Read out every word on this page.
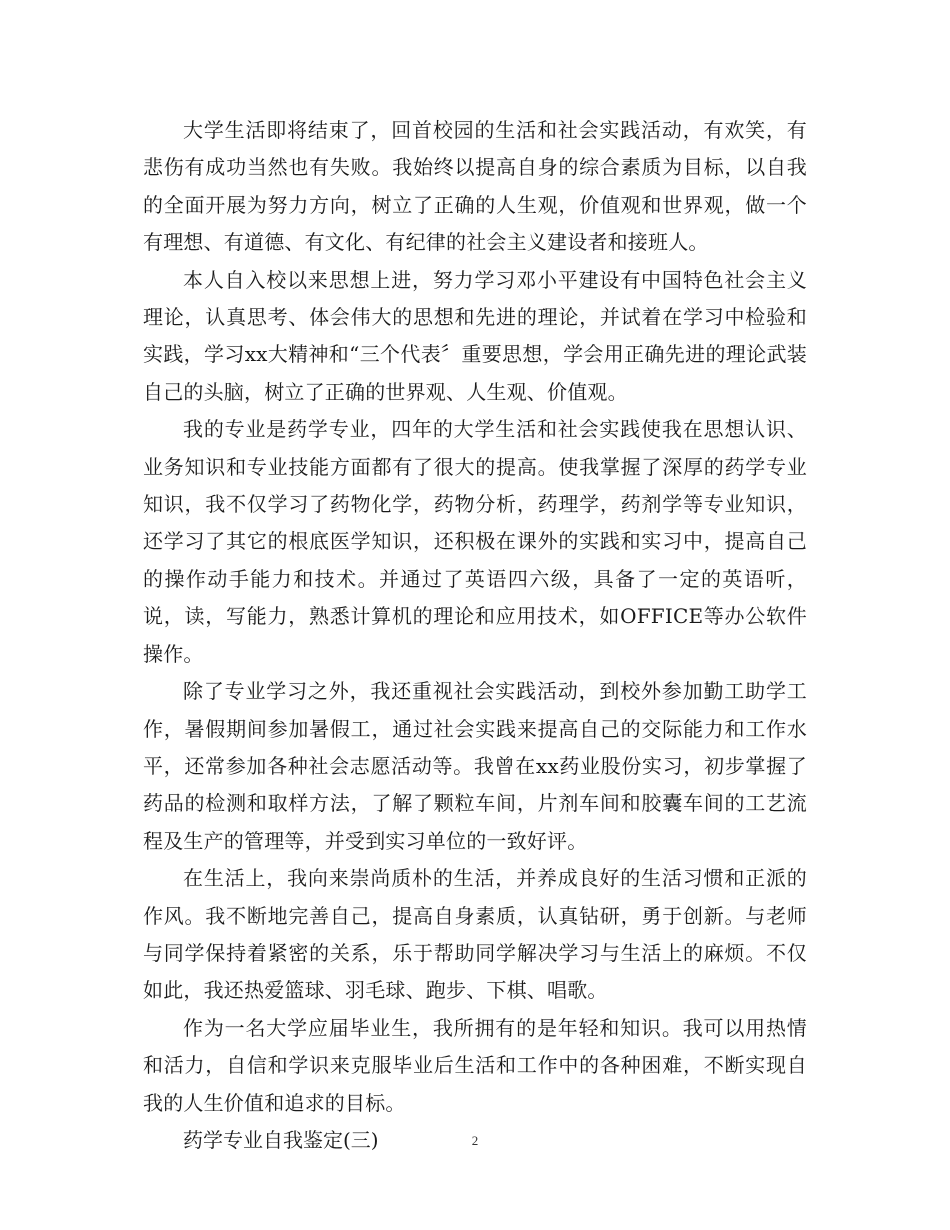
大学生活即将结束了，回首校园的生活和社会实践活动，有欢笑，有悲伤有成功当然也有失败。我始终以提高自身的综合素质为目标，以自我的全面开展为努力方向，树立了正确的人生观，价值观和世界观，做一个有理想、有道德、有文化、有纪律的社会主义建设者和接班人。

本人自入校以来思想上进，努力学习邓小平建设有中国特色社会主义理论，认真思考、体会伟大的思想和先进的理论，并试着在学习中检验和实践，学习xx大精神和“三个代表〞重要思想，学会用正确先进的理论武装自己的头脑，树立了正确的世界观、人生观、价值观。

我的专业是药学专业，四年的大学生活和社会实践使我在思想认识、业务知识和专业技能方面都有了很大的提高。使我掌握了深厚的药学专业知识，我不仅学习了药物化学，药物分析，药理学，药剂学等专业知识，还学习了其它的根底医学知识，还积极在课外的实践和实习中，提高自己的操作动手能力和技术。并通过了英语四六级，具备了一定的英语听，说，读，写能力，熟悉计算机的理论和应用技术，如OFFICE等办公软件操作。

除了专业学习之外，我还重视社会实践活动，到校外参加勤工助学工作，暑假期间参加暑假工，通过社会实践来提高自己的交际能力和工作水平，还常参加各种社会志愿活动等。我曾在xx药业股份实习，初步掌握了药品的检测和取样方法，了解了颗粒车间，片剂车间和胶囊车间的工艺流程及生产的管理等，并受到实习单位的一致好评。

在生活上，我向来崇尚质朴的生活，并养成良好的生活习惯和正派的作风。我不断地完善自己，提高自身素质，认真钻研，勇于创新。与老师与同学保持着紧密的关系，乐于帮助同学解决学习与生活上的麻烦。不仅如此，我还热爱篮球、羽毛球、跑步、下棋、唱歌。

作为一名大学应届毕业生，我所拥有的是年轻和知识。我可以用热情和活力，自信和学识来克服毕业后生活和工作中的各种困难，不断实现自我的人生价值和追求的目标。

药学专业自我鉴定(三)	2
